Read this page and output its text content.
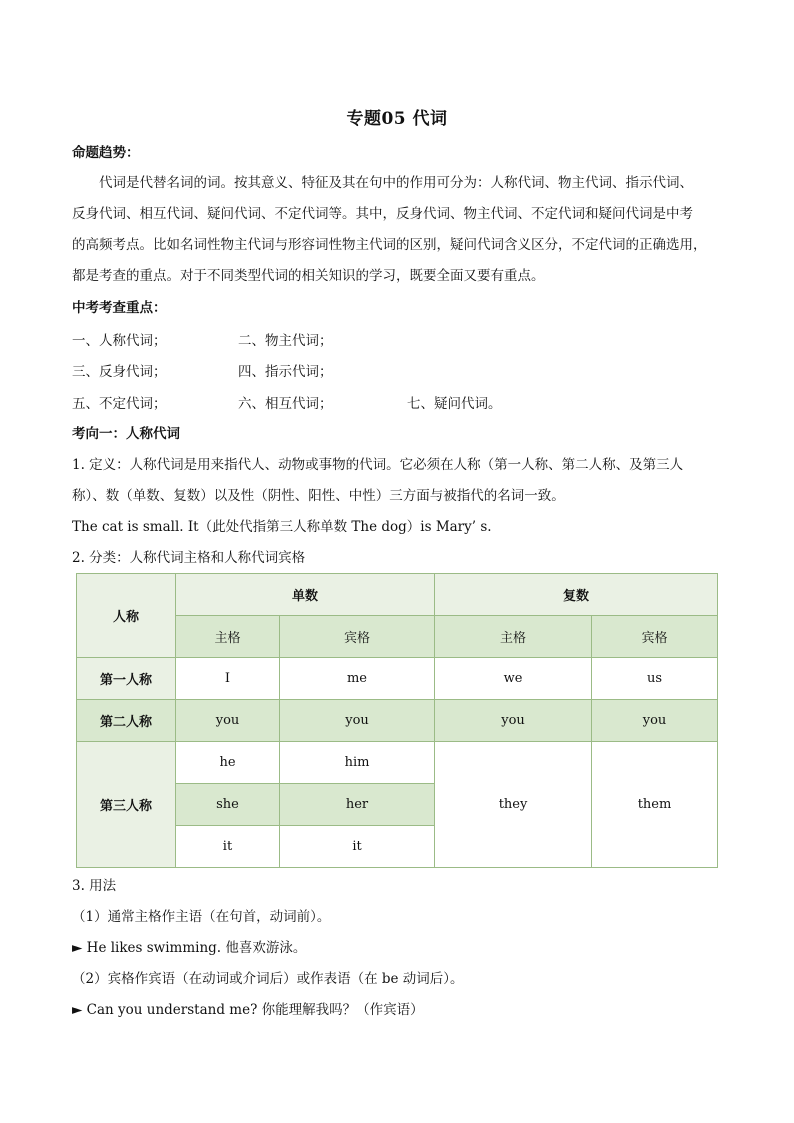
专题05 代词
命题趋势：
代词是代替名词的词。按其意义、特征及其在句中的作用可分为：人称代词、物主代词、指示代词、
反身代词、相互代词、疑问代词、不定代词等。其中，反身代词、物主代词、不定代词和疑问代词是中考
的高频考点。比如名词性物主代词与形容词性物主代词的区别，疑问代词含义区分，不定代词的正确选用，
都是考查的重点。对于不同类型代词的相关知识的学习，既要全面又要有重点。
中考考查重点：
一、人称代词；	二、物主代词；
三、反身代词；	四、指示代词；
五、不定代词；	六、相互代词；	七、疑问代词。
考向一：人称代词
1. 定义：人称代词是用来指代人、动物或事物的代词。它必须在人称（第一人称、第二人称、及第三人
称）、数（单数、复数）以及性（阴性、阳性、中性）三方面与被指代的名词一致。
The cat is small. It（此处代指第三人称单数 The dog）is Mary’ s.
2. 分类：人称代词主格和人称代词宾格
人称	单数		复数	
	主格	宾格	主格	宾格
第一人称	I	me	we	us
第二人称	you	you	you	you
第三人称	he	him	they	them
	she	her		
	it	it		
3. 用法
（1）通常主格作主语（在句首，动词前）。
► He likes swimming. 他喜欢游泳。
（2）宾格作宾语（在动词或介词后）或作表语（在 be 动词后）。
► Can you understand me? 你能理解我吗？（作宾语）
